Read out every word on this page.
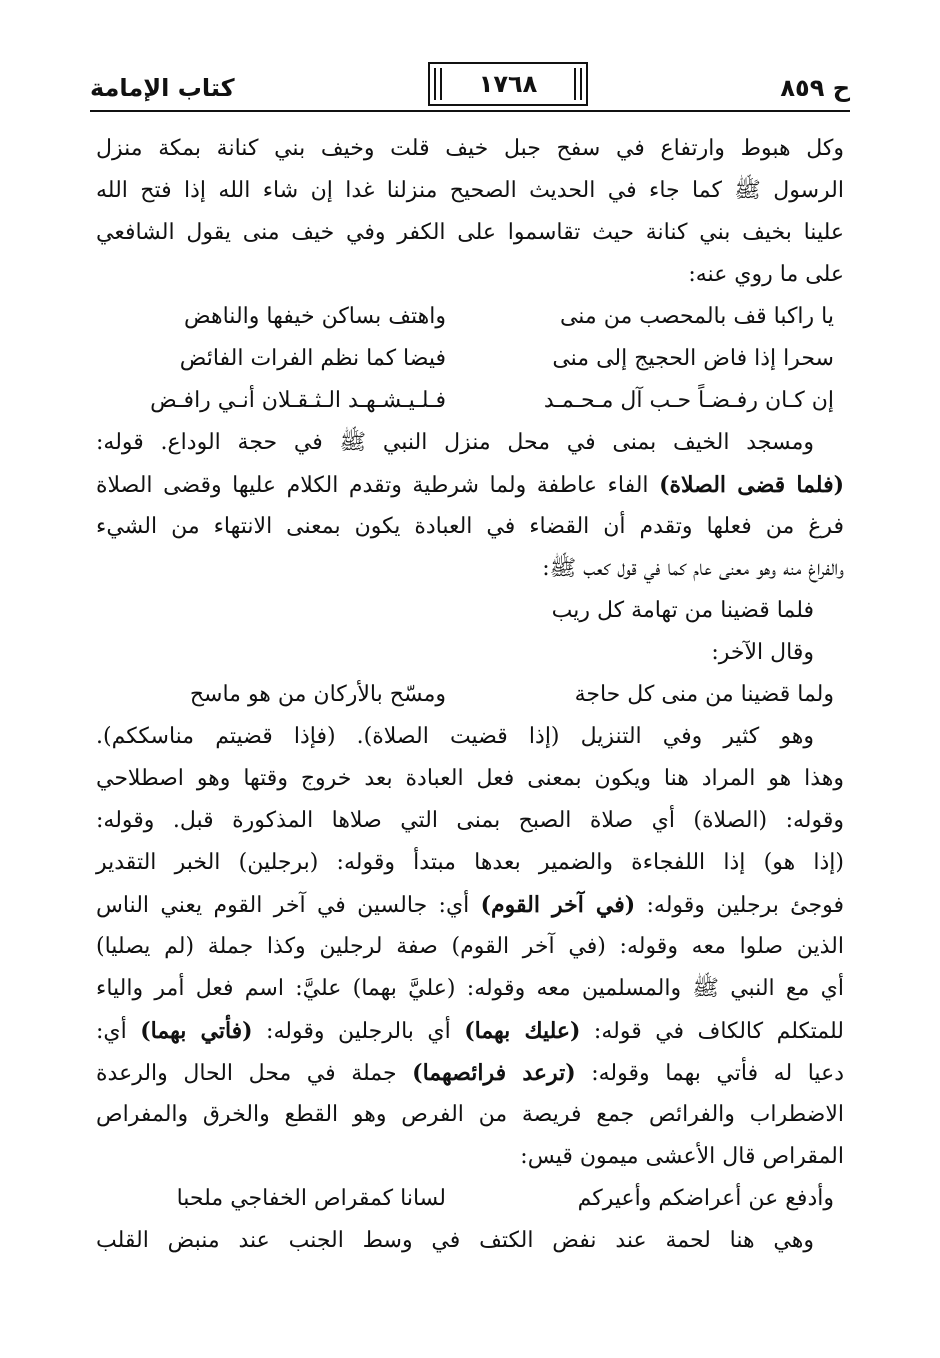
كتاب الإمامة	١٧٦٨	ح ٨٥٩
وكل هبوط وارتفاع في سفح جبل خيف قلت وخيف بني كنانة بمكة منزل
الرسول ﷺ كما جاء في الحديث الصحيح منزلنا غدا إن شاء الله إذا فتح الله
علينا بخيف بني كنانة حيث تقاسموا على الكفر وفي خيف منى يقول الشافعي
على ما روي عنه:
يا راكبا قف بالمحصب من منى
واهتف بساكن خيفها والناهض
سحرا إذا فاض الحجيج إلى منى
فيضا كما نظم الفرات الفائض
إن كـان رفـضـاً حـب آل مـحـمـد
فـلـيـشـهـد الـثـقـلان أنـي رافـض
ومسجد الخيف بمنى في محل منزل النبي ﷺ في حجة الوداع. قوله:
(فلما قضى الصلاة) الفاء عاطفة ولما شرطية وتقدم الكلام عليها وقضى الصلاة
فرغ من فعلها وتقدم أن القضاء في العبادة يكون بمعنى الانتهاء من الشيء
والفراغ منه وهو معنى عام كما في قول كعب ﷺ:
فلما قضينا من تهامة كل ريب
وقال الآخر:
ولما قضينا من منى كل حاجة
ومسّح بالأركان من هو ماسح
وهو كثير وفي التنزيل (إذا قضيت الصلاة). (فإذا قضيتم مناسككم).
وهذا هو المراد هنا ويكون بمعنى فعل العبادة بعد خروج وقتها وهو اصطلاحي
وقوله: (الصلاة) أي صلاة الصبح بمنى التي صلاها المذكورة قبل. وقوله:
(إذا هو) إذا اللفجاءة والضمير بعدها مبتدأ وقوله: (برجلين) الخبر التقدير
فوجئ برجلين وقوله: (في آخر القوم) أي: جالسين في آخر القوم يعني الناس
الذين صلوا معه وقوله: (في آخر القوم) صفة لرجلين وكذا جملة (لم يصليا)
أي مع النبي ﷺ والمسلمين معه وقوله: (عليَّ بهما) عليَّ: اسم فعل أمر والياء
للمتكلم كالكاف في قوله: (عليك بهما) أي بالرجلين وقوله: (فأتي بهما) أي:
دعيا له فأتي بهما وقوله: (ترعد فرائصهما) جملة في محل الحال والرعدة
الاضطراب والفرائص جمع فريصة من الفرص وهو القطع والخرق والمفراص
المقراص قال الأعشى ميمون قيس:
وأدفع عن أعراضكم وأعيركم
لسانا كمقراص الخفاجي ملحبا
وهي هنا لحمة عند نفض الكتف في وسط الجنب عند منبض القلب
